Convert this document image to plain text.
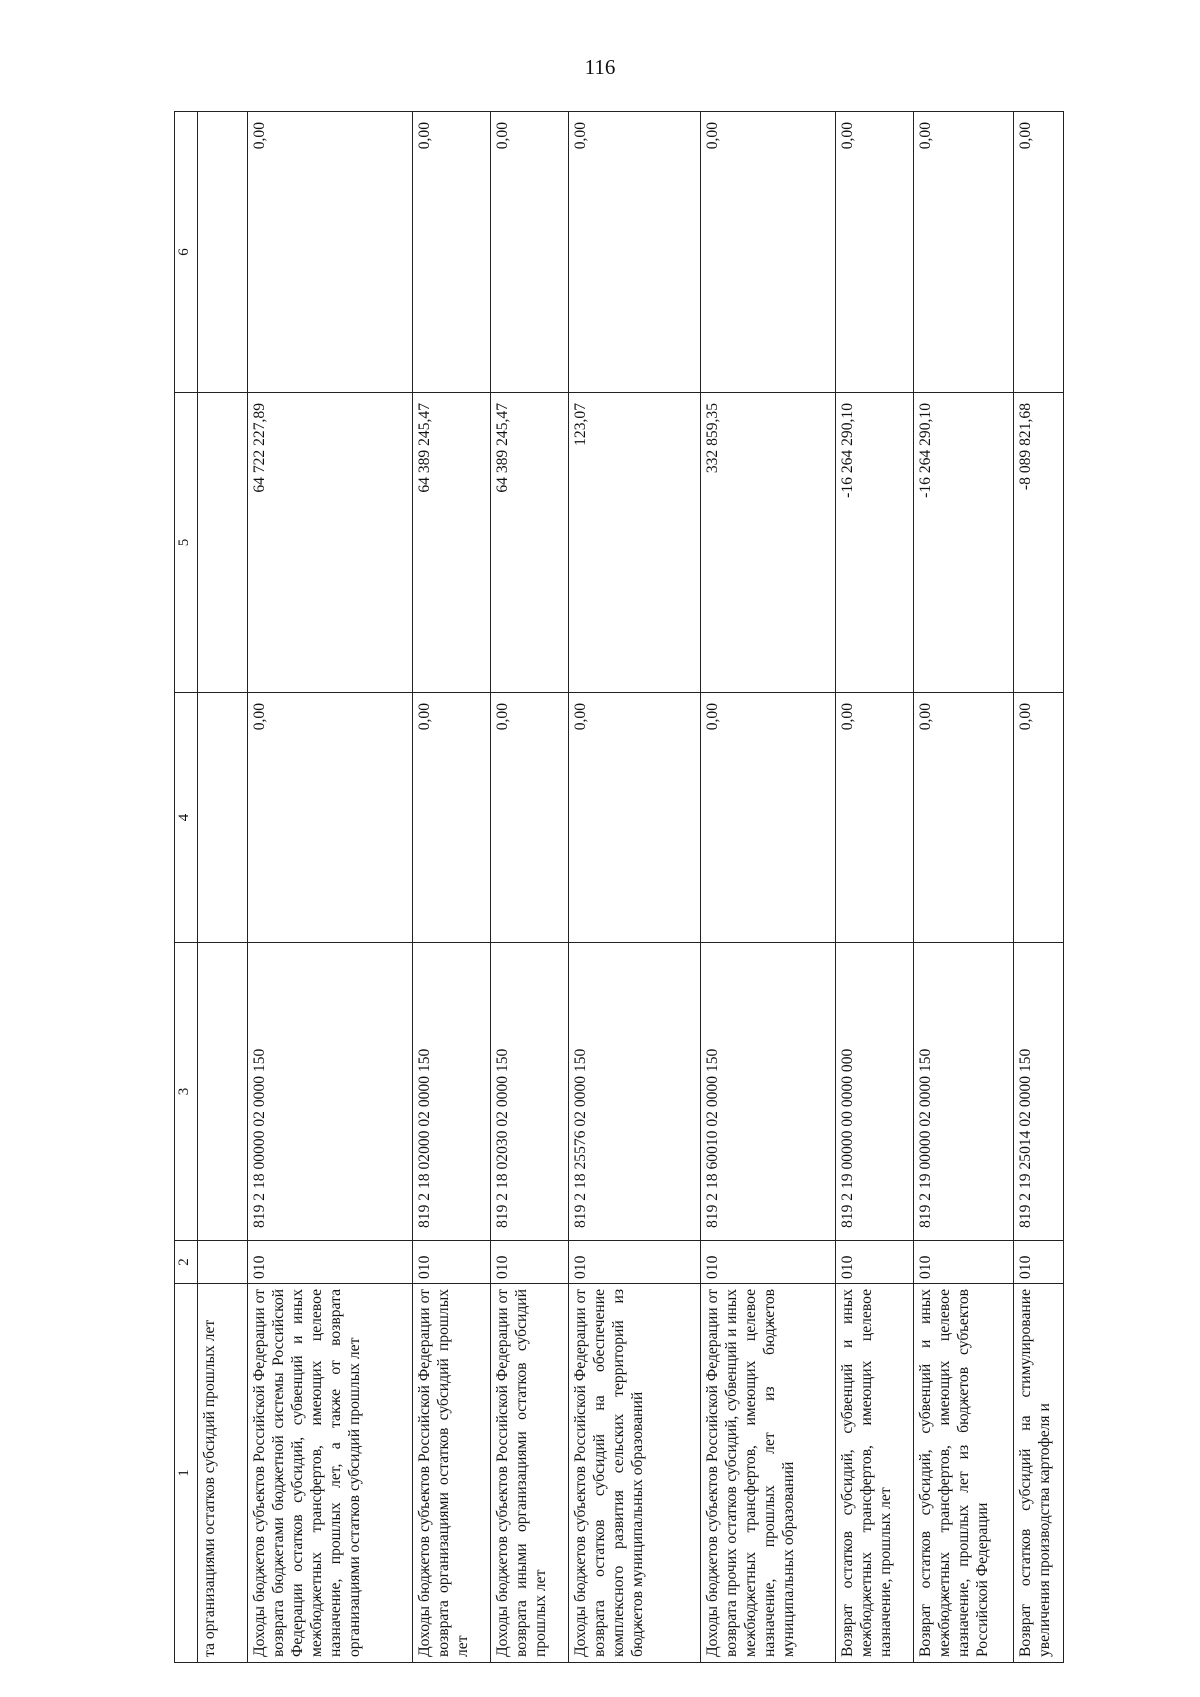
116
1	2	3	4	5	6
та организациями остатков субсидий прошлых лет					
Доходы бюджетов субъектов Российской Федерации от возврата бюджетами бюджетной системы Российской Федерации остатков субсидий, субвенций и иных межбюджетных трансфертов, имеющих целевое назначение, прошлых лет, а также от возврата организациями остатков субсидий прошлых лет	010	819 2 18 00000 02 0000 150	0,00	64 722 227,89	0,00
Доходы бюджетов субъектов Российской Федерации от возврата организациями остатков субсидий прошлых лет	010	819 2 18 02000 02 0000 150	0,00	64 389 245,47	0,00
Доходы бюджетов субъектов Российской Федерации от возврата иными организациями остатков субсидий прошлых лет	010	819 2 18 02030 02 0000 150	0,00	64 389 245,47	0,00
Доходы бюджетов субъектов Российской Федерации от возврата остатков субсидий на обеспечение комплексного развития сельских территорий из бюджетов муниципальных образований	010	819 2 18 25576 02 0000 150	0,00	123,07	0,00
Доходы бюджетов субъектов Российской Федерации от возврата прочих остатков субсидий, субвенций и иных межбюджетных трансфертов, имеющих целевое назначение, прошлых лет из бюджетов муниципальных образований	010	819 2 18 60010 02 0000 150	0,00	332 859,35	0,00
Возврат остатков субсидий, субвенций и иных межбюджетных трансфертов, имеющих целевое назначение, прошлых лет	010	819 2 19 00000 00 0000 000	0,00	-16 264 290,10	0,00
Возврат остатков субсидий, субвенций и иных межбюджетных трансфертов, имеющих целевое назначение, прошлых лет из бюджетов субъектов Российской Федерации	010	819 2 19 00000 02 0000 150	0,00	-16 264 290,10	0,00
Возврат остатков субсидий на стимулирование увеличения производства картофеля и	010	819 2 19 25014 02 0000 150	0,00	-8 089 821,68	0,00
